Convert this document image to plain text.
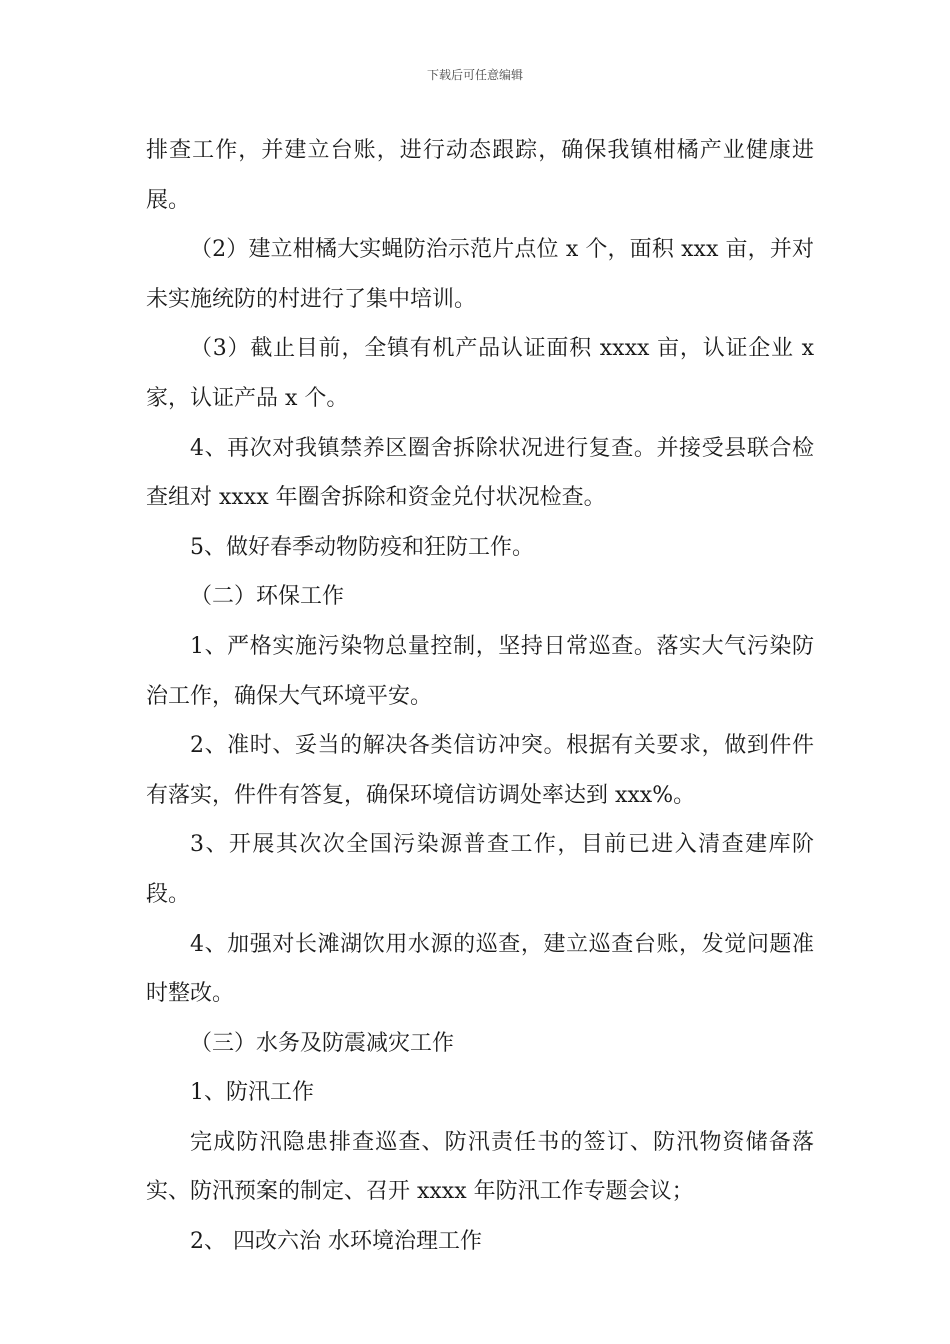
下载后可任意编辑

排查工作，并建立台账，进行动态跟踪，确保我镇柑橘产业健康进展。

（2）建立柑橘大实蝇防治示范片点位 x 个，面积 xxx 亩，并对未实施统防的村进行了集中培训。

（3）截止目前，全镇有机产品认证面积 xxxx 亩，认证企业 x 家，认证产品 x 个。

4、再次对我镇禁养区圈舍拆除状况进行复查。并接受县联合检查组对 xxxx 年圈舍拆除和资金兑付状况检查。

5、做好春季动物防疫和狂防工作。

（二）环保工作

1、严格实施污染物总量控制，坚持日常巡查。落实大气污染防治工作，确保大气环境平安。

2、准时、妥当的解决各类信访冲突。根据有关要求，做到件件有落实，件件有答复，确保环境信访调处率达到 xxx%。

3、开展其次次全国污染源普查工作，目前已进入清查建库阶段。

4、加强对长滩湖饮用水源的巡查，建立巡查台账，发觉问题准时整改。

（三）水务及防震减灾工作

1、防汛工作

完成防汛隐患排查巡查、防汛责任书的签订、防汛物资储备落实、防汛预案的制定、召开 xxxx 年防汛工作专题会议；

2、 四改六治 水环境治理工作
